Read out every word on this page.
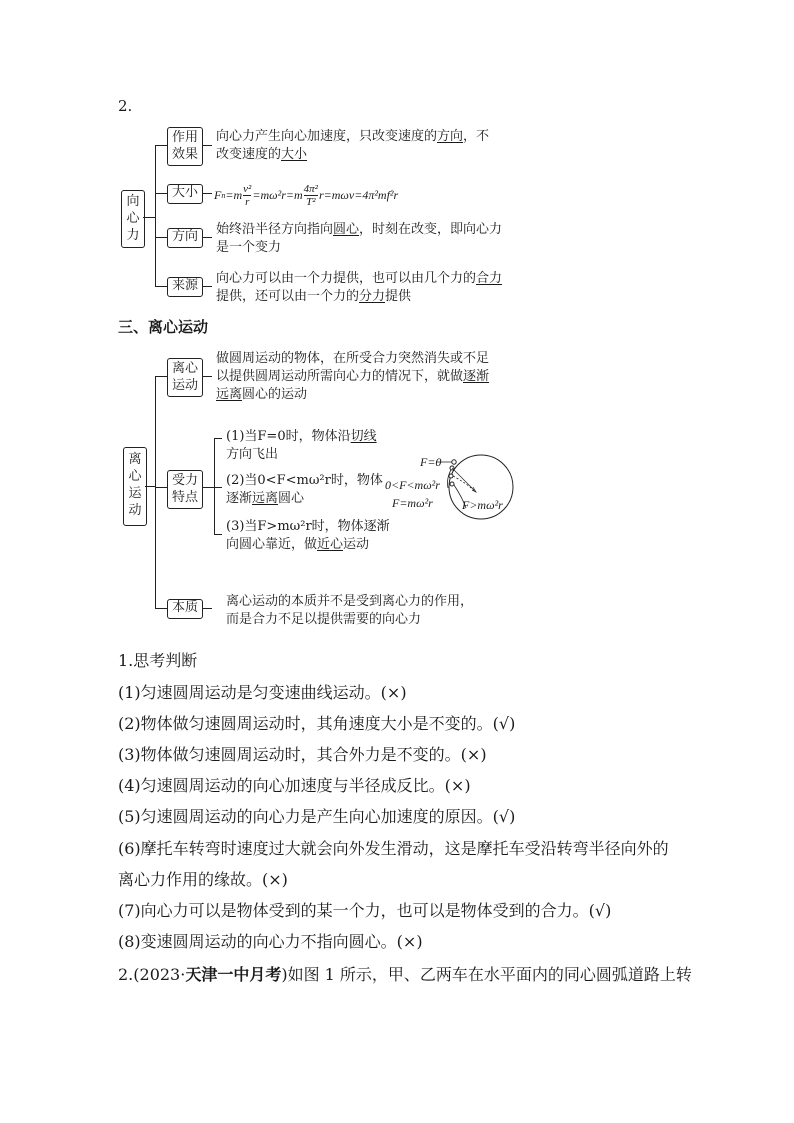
2.
向心力
作用效果
向心力产生向心加速度，只改变速度的方向，不
改变速度的大小
大小	F $n =m \frac{\text{v²}}{r} =m\omega^2r=m$ 4π²
T² r=mωv=4π²mf²r
方向	始终沿半径方向指向圆心，时刻在改变，即向心力
是一个变力
来源	向心力可以由一个力提供，也可以由几个力的合力
提供，还可以由一个力的分力提供
三、离心运动
离心运动
离心运动
做圆周运动的物体，在所受合力突然消失或不足
以提供圆周运动所需向心力的情况下，就做逐渐
远离圆心的运动
受力特点
(1)当F=0时，物体沿切线
方向飞出
(2)当0<F<mω²r时，物体
逐渐远离圆心
(3)当F>mω²r时，物体逐渐
向圆心靠近，做近心运动
F=0
0<F<mω²r
F=mω²r F>mω²r
本质	离心运动的本质并不是受到离心力的作用，
而是合力不足以提供需要的向心力
1.思考判断
(1)匀速圆周运动是匀变速曲线运动。(×)
(2)物体做匀速圆周运动时，其角速度大小是不变的。(√)
(3)物体做匀速圆周运动时，其合外力是不变的。(×)
(4)匀速圆周运动的向心加速度与半径成反比。(×)
(5)匀速圆周运动的向心力是产生向心加速度的原因。(√)
(6)摩托车转弯时速度过大就会向外发生滑动，这是摩托车受沿转弯半径向外的
离心力作用的缘故。(×)
(7)向心力可以是物体受到的某一个力，也可以是物体受到的合力。(√)
(8)变速圆周运动的向心力不指向圆心。(×)
2.(2023·天津一中月考)如图 1 所示，甲、乙两车在水平面内的同心圆弧道路上转
